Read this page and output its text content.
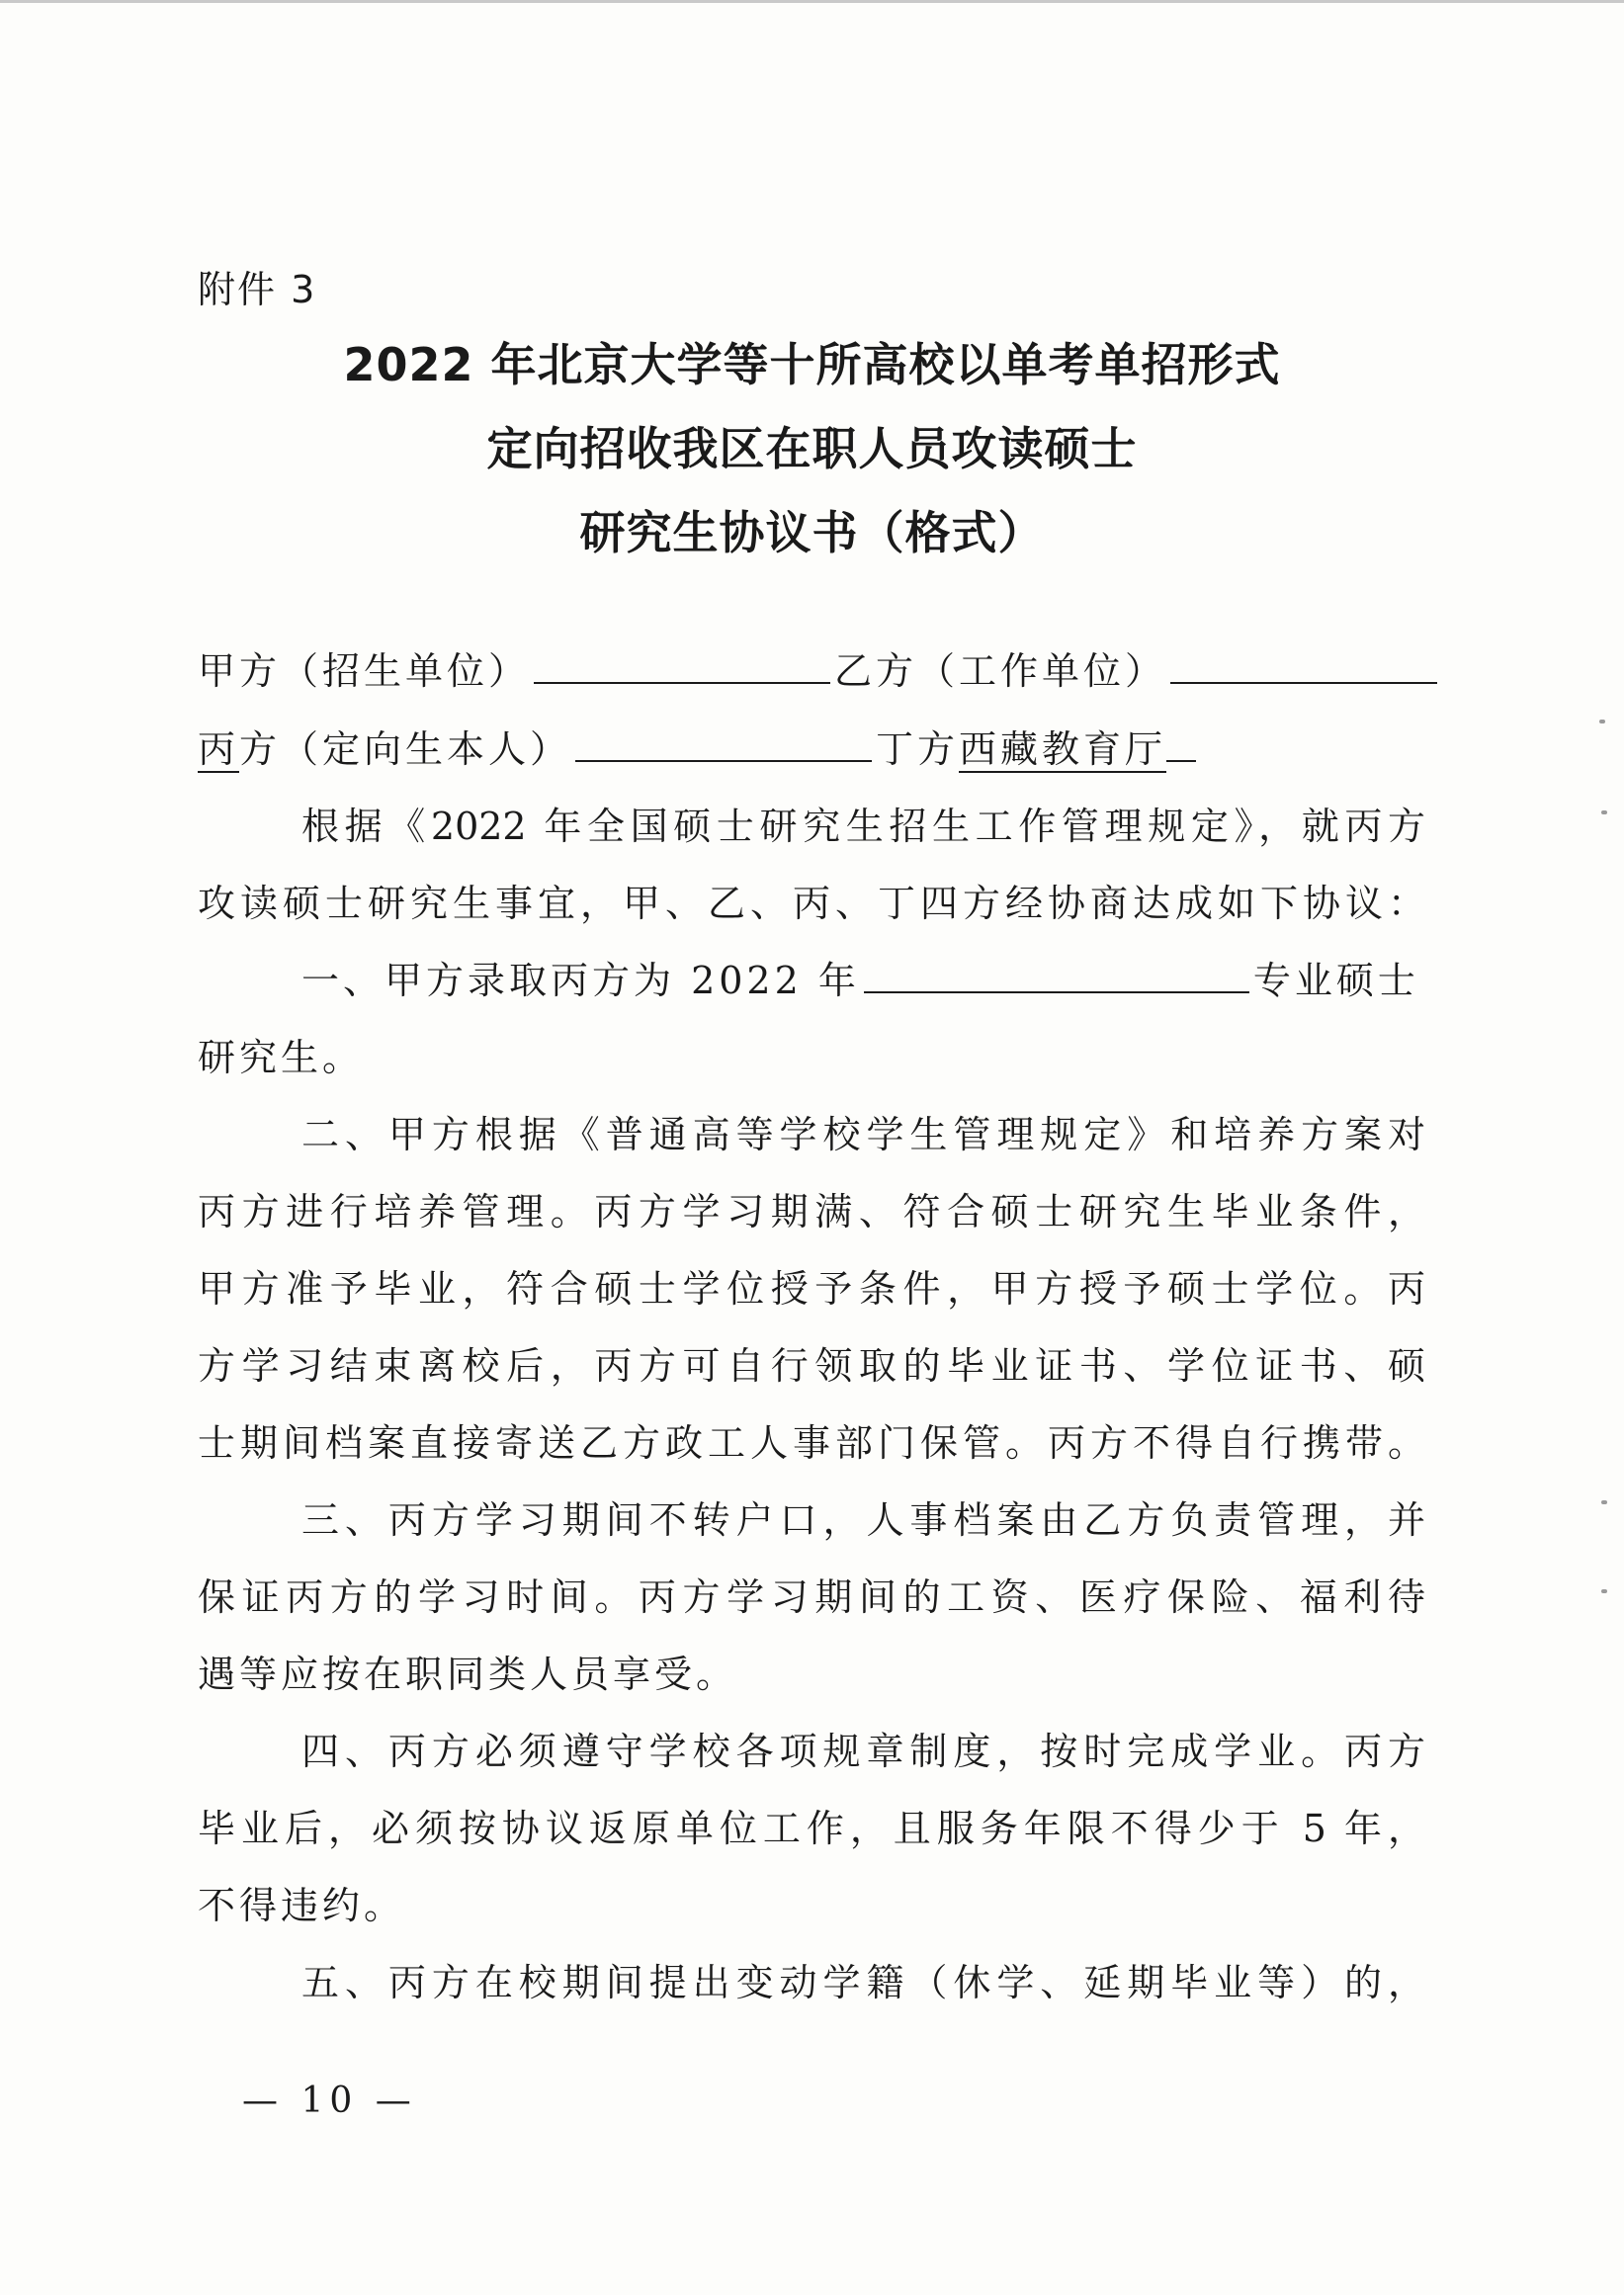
附件 3
2022 年北京大学等十所高校以单考单招形式
定向招收我区在职人员攻读硕士
研究生协议书（格式）
甲方（招生单位）	乙方（工作单位）
丙方（定向生本人）	丁方西藏教育厅
根据《2022 年全国硕士研究生招生工作管理规定》，就丙方
攻读硕士研究生事宜，甲、乙、丙、丁四方经协商达成如下协议：
一、甲方录取丙方为 2022 年	专业硕士
研究生。
二、甲方根据《普通高等学校学生管理规定》和培养方案对
丙方进行培养管理。丙方学习期满、符合硕士研究生毕业条件，
甲方准予毕业，符合硕士学位授予条件，甲方授予硕士学位。丙
方学习结束离校后，丙方可自行领取的毕业证书、学位证书、硕
士期间档案直接寄送乙方政工人事部门保管。丙方不得自行携带。
三、丙方学习期间不转户口，人事档案由乙方负责管理，并
保证丙方的学习时间。丙方学习期间的工资、医疗保险、福利待
遇等应按在职同类人员享受。
四、丙方必须遵守学校各项规章制度，按时完成学业。丙方
毕业后，必须按协议返原单位工作，且服务年限不得少于 5 年，
不得违约。
五、丙方在校期间提出变动学籍（休学、延期毕业等）的，
— 10 —
